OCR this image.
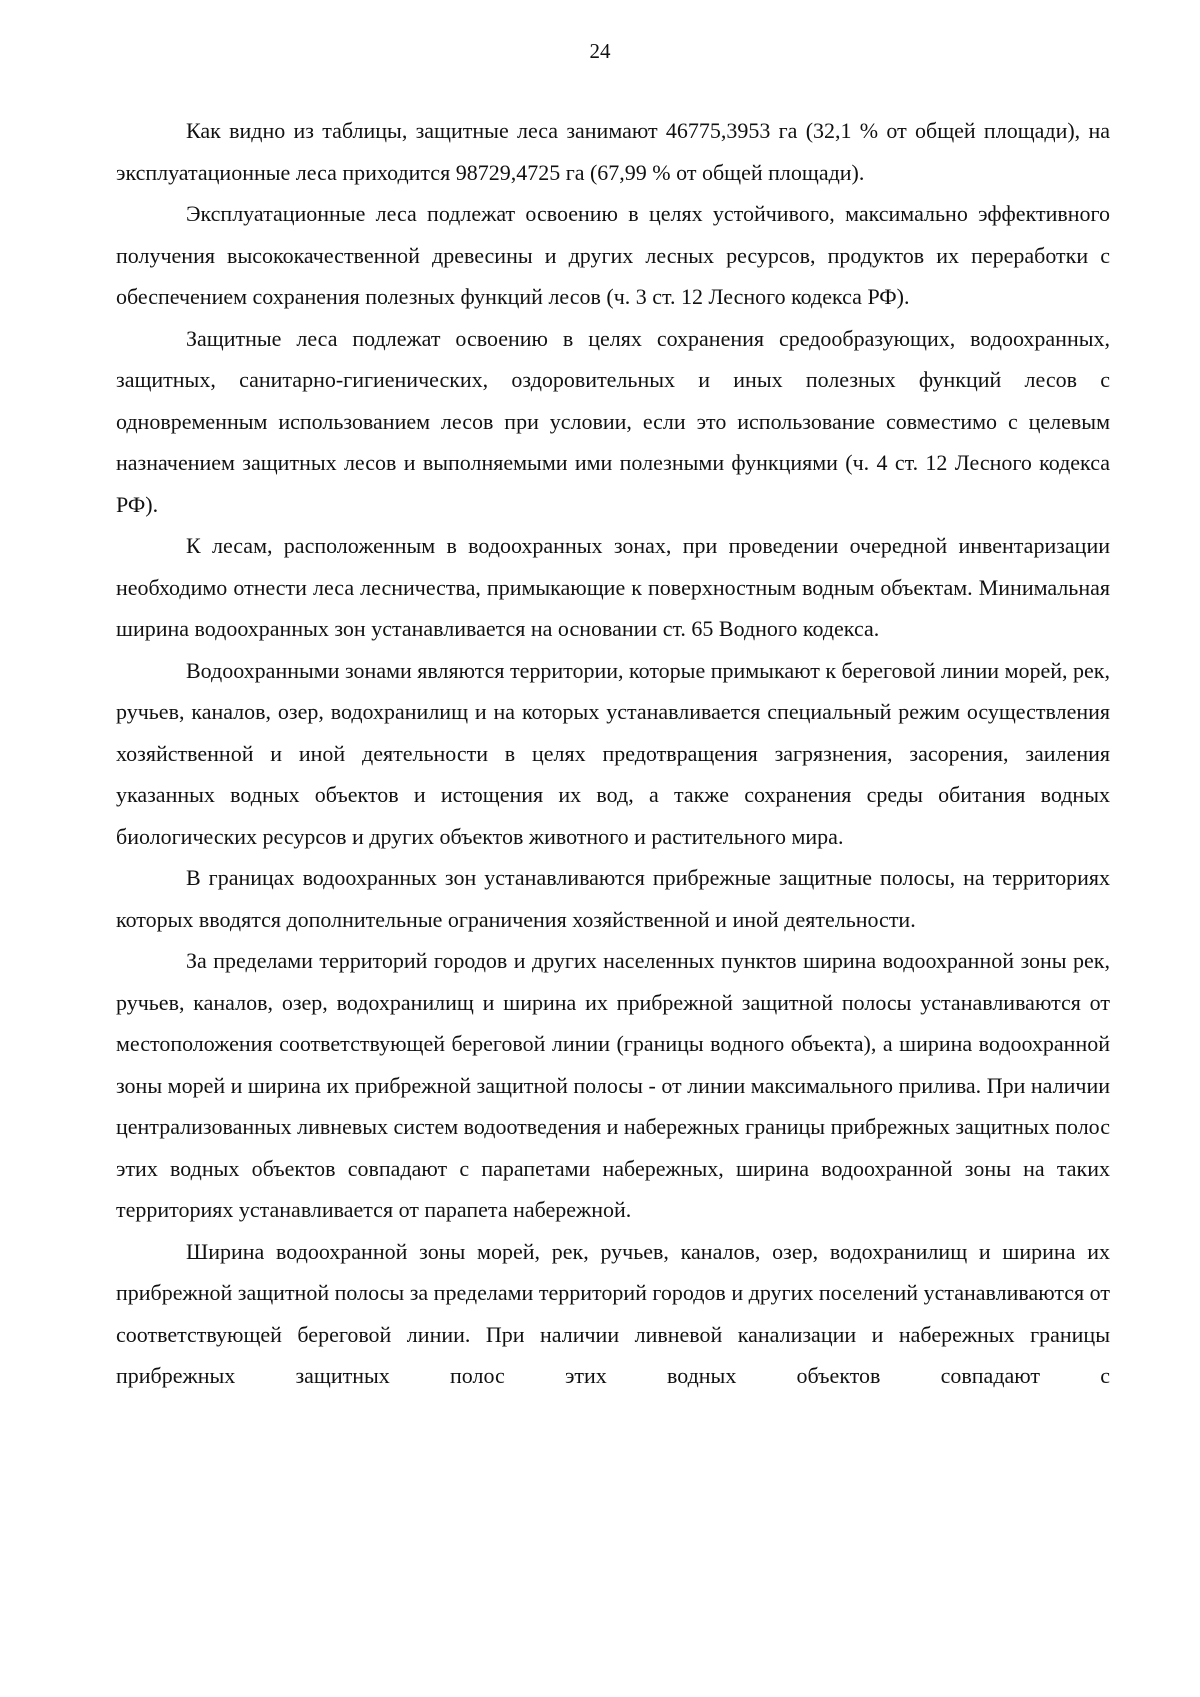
24

Как видно из таблицы, защитные леса занимают 46775,3953 га (32,1 % от общей площади), на эксплуатационные леса приходится 98729,4725 га (67,99 % от общей площади).

Эксплуатационные леса подлежат освоению в целях устойчивого, максимально эффективного получения высококачественной древесины и других лесных ресурсов, продуктов их переработки с обеспечением сохранения полезных функций лесов (ч. 3 ст. 12 Лесного кодекса РФ).

Защитные леса подлежат освоению в целях сохранения средообразующих, водоохранных, защитных, санитарно-гигиенических, оздоровительных и иных полезных функций лесов с одновременным использованием лесов при условии, если это использование совместимо с целевым назначением защитных лесов и выполняемыми ими полезными функциями (ч. 4 ст. 12 Лесного кодекса РФ).

К лесам, расположенным в водоохранных зонах, при проведении очередной инвентаризации необходимо отнести леса лесничества, примыкающие к поверхностным водным объектам. Минимальная ширина водоохранных зон устанавливается на основании ст. 65 Водного кодекса.

Водоохранными зонами являются территории, которые примыкают к береговой линии морей, рек, ручьев, каналов, озер, водохранилищ и на которых устанавливается специальный режим осуществления хозяйственной и иной деятельности в целях предотвращения загрязнения, засорения, заиления указанных водных объектов и истощения их вод, а также сохранения среды обитания водных биологических ресурсов и других объектов животного и растительного мира.

В границах водоохранных зон устанавливаются прибрежные защитные полосы, на территориях которых вводятся дополнительные ограничения хозяйственной и иной деятельности.

За пределами территорий городов и других населенных пунктов ширина водоохранной зоны рек, ручьев, каналов, озер, водохранилищ и ширина их прибрежной защитной полосы устанавливаются от местоположения соответствующей береговой линии (границы водного объекта), а ширина водоохранной зоны морей и ширина их прибрежной защитной полосы - от линии максимального прилива. При наличии централизованных ливневых систем водоотведения и набережных границы прибрежных защитных полос этих водных объектов совпадают с парапетами набережных, ширина водоохранной зоны на таких территориях устанавливается от парапета набережной.

Ширина водоохранной зоны морей, рек, ручьев, каналов, озер, водохранилищ и ширина их прибрежной защитной полосы за пределами территорий городов и других поселений устанавливаются от соответствующей береговой линии. При наличии ливневой канализации и набережных границы прибрежных защитных полос этих водных объектов совпадают с
